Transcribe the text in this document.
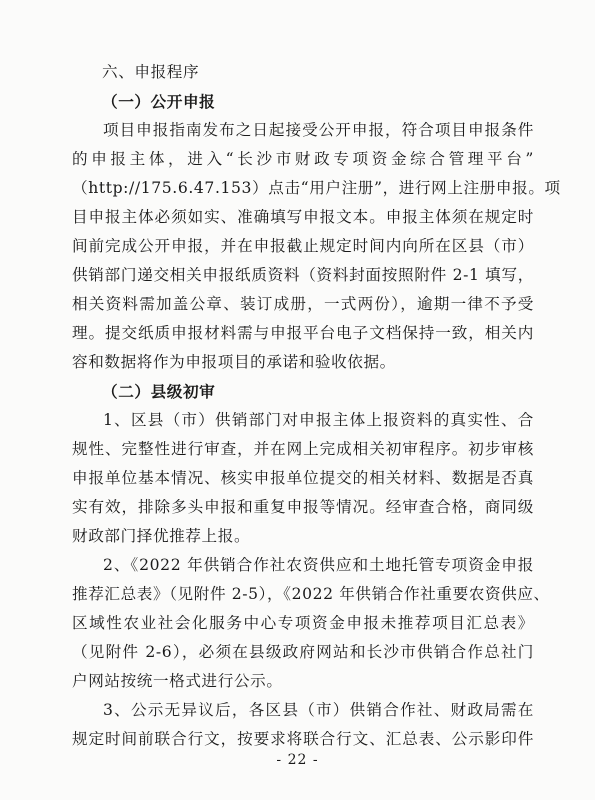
六、申报程序
（一）公开申报
项目申报指南发布之日起接受公开申报，符合项目申报条件
的申报主体，进入“长沙市财政专项资金综合管理平台”
（http://175.6.47.153）点击“用户注册”，进行网上注册申报。项
目申报主体必须如实、准确填写申报文本。申报主体须在规定时
间前完成公开申报，并在申报截止规定时间内向所在区县（市）
供销部门递交相关申报纸质资料（资料封面按照附件 2-1 填写，
相关资料需加盖公章、装订成册，一式两份），逾期一律不予受
理。提交纸质申报材料需与申报平台电子文档保持一致，相关内
容和数据将作为申报项目的承诺和验收依据。
（二）县级初审
1、区县（市）供销部门对申报主体上报资料的真实性、合
规性、完整性进行审查，并在网上完成相关初审程序。初步审核
申报单位基本情况、核实申报单位提交的相关材料、数据是否真
实有效，排除多头申报和重复申报等情况。经审查合格，商同级
财政部门择优推荐上报。
2、《2022 年供销合作社农资供应和土地托管专项资金申报
推荐汇总表》（见附件 2-5），《2022 年供销合作社重要农资供应、
区域性农业社会化服务中心专项资金申报未推荐项目汇总表》
（见附件 2-6），必须在县级政府网站和长沙市供销合作总社门
户网站按统一格式进行公示。
3、公示无异议后，各区县（市）供销合作社、财政局需在
规定时间前联合行文，按要求将联合行文、汇总表、公示影印件
- 22 -
